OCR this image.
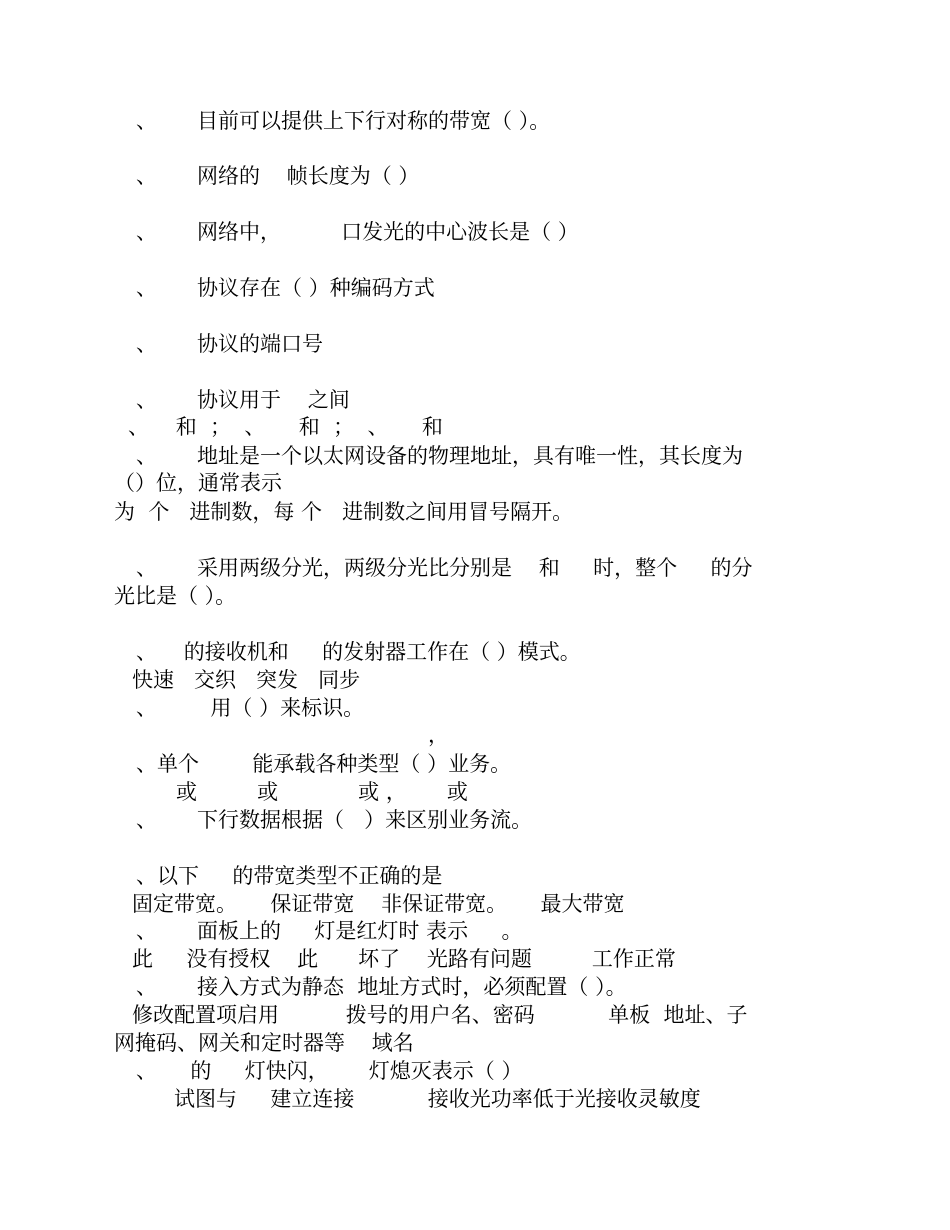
、      目前可以提供上下行对称的带宽（ ）。
、      网络的    帧长度为（ ）
、      网络中，         口发光的中心波长是（ ）
、      协议存在（ ）种编码方式
、      协议的端口号
、      协议用于    之间
、    和  ；  、     和  ；  、     和
、      地址是一个以太网设备的物理地址，具有唯一性，其长度为
（）位，通常表示
为  个   进制数，每 个   进制数之间用冒号隔开。
、      采用两级分光，两级分光比分别是    和     时，整个     的分
光比是（ ）。
、    的接收机和     的发射器工作在（ ）模式。
快速   交织   突发   同步
、        用（ ）来标识。
，
、单个        能承载各种类型（ ）业务。
或         或            或 ，      或
、      下行数据根据（   ）来区别业务流。
、以下     的带宽类型不正确的是
固定带宽。     保证带宽    非保证带宽。     最大带宽
、      面板上的     灯是红灯时 表示     。
此     没有授权    此      坏了    光路有问题         工作正常
、      接入方式为静态  地址方式时，必须配置（ ）。
修改配置项启用          拨号的用户名、密码           单板  地址、子
网掩码、网关和定时器等    域名
、     的     灯快闪，      灯熄灭表示（ ）
试图与     建立连接           接收光功率低于光接收灵敏度
